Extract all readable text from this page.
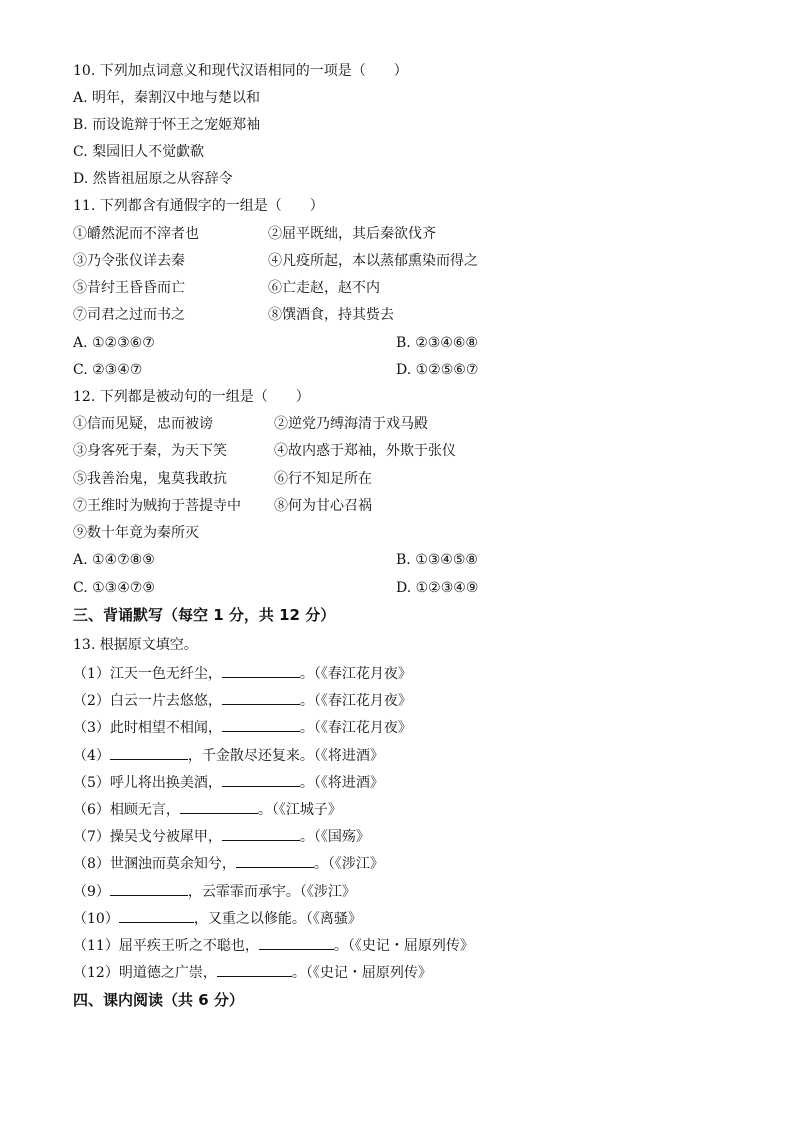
10. 下列加点词意义和现代汉语相同的一项是（　　）
A. 明年，秦割汉中地与楚以和
B. 而设诡辩于怀王之宠姬郑袖
C. 梨园旧人不觉歔欷
D. 然皆祖屈原之从容辞令
11. 下列都含有通假字的一组是（　　）
①皭然泥而不滓者也	②屈平既绌，其后秦欲伐齐
③乃令张仪详去秦	④凡疫所起，本以蒸郁熏染而得之
⑤昔纣王昏昏而亡	⑥亡走赵，赵不内
⑦司君之过而书之	⑧馔酒食，持其赀去
A. ①②③⑥⑦	B. ②③④⑥⑧
C. ②③④⑦	D. ①②⑤⑥⑦
12. 下列都是被动句的一组是（　　）
①信而见疑，忠而被谤	②逆党乃缚海清于戏马殿
③身客死于秦，为天下笑	④故内惑于郑袖，外欺于张仪
⑤我善治鬼，鬼莫我敢抗	⑥行不知足所在
⑦王维时为贼拘于菩提寺中 ⑧何为甘心召祸
⑨数十年竟为秦所灭
A. ①④⑦⑧⑨	B. ①③④⑤⑧
C. ①③④⑦⑨	D. ①②③④⑨
三、背诵默写（每空 1 分，共 12 分）
13. 根据原文填空。
（1）江天一色无纤尘，	。（《春江花月夜》
（2）白云一片去悠悠，	。（《春江花月夜》
（3）此时相望不相闻，	。（《春江花月夜》
（4）	，千金散尽还复来。（《将进酒》
（5）呼儿将出换美酒，	。（《将进酒》
（6）相顾无言，	。（《江城子》
（7）操吴戈兮被犀甲，	。（《国殇》
（8）世溷浊而莫余知兮，	。（《涉江》
（9）	，云霏霏而承宇。（《涉江》
（10）	，又重之以修能。（《离骚》
（11）屈平疾王听之不聪也，	。（《史记・屈原列传》
（12）明道德之广崇，	。（《史记・屈原列传》
四、课内阅读（共 6 分）
